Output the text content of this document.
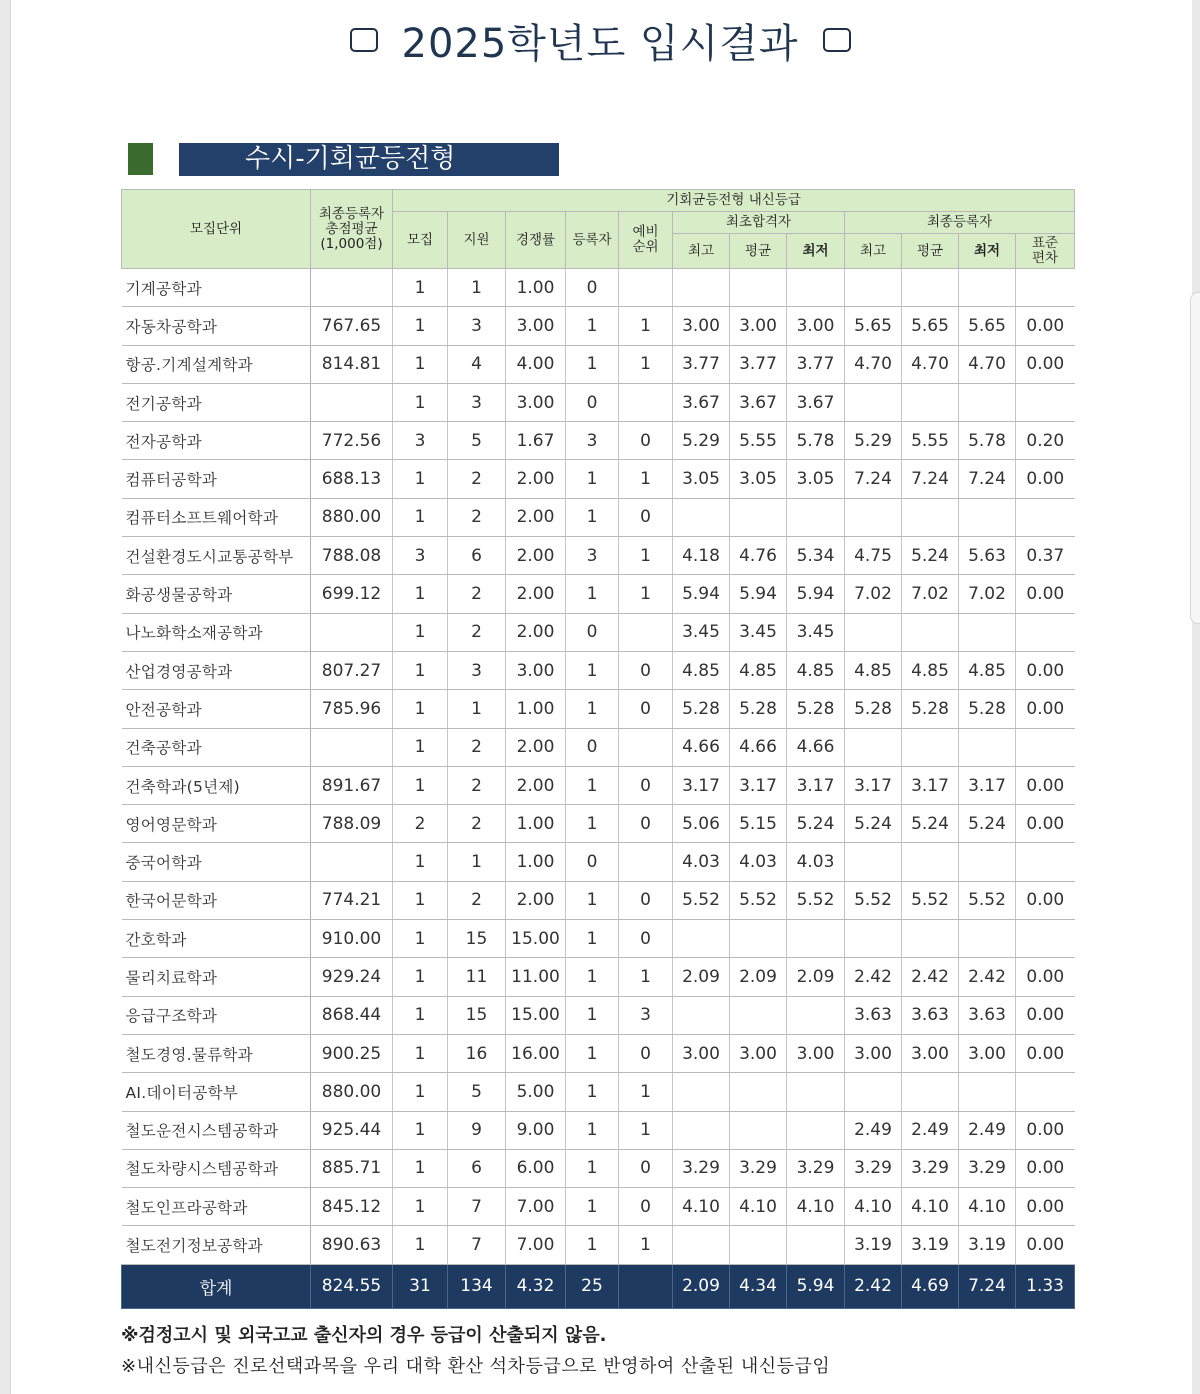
2025학년도 입시결과
수시-기회균등전형
모집단위	최종등록자
총점평균
(1,000점)	기회균등전형 내신등급											
		모집	지원	경쟁률	등록자	예비
순위	최초합격자			최종등록자			
							최고	평균	최저	최고	평균	최저	표준
편차

기계공학과		1	1	1.00	0								
자동차공학과	767.65	1	3	3.00	1	1	3.00	3.00	3.00	5.65	5.65	5.65	0.00
항공.기계설계학과	814.81	1	4	4.00	1	1	3.77	3.77	3.77	4.70	4.70	4.70	0.00
전기공학과		1	3	3.00	0		3.67	3.67	3.67				
전자공학과	772.56	3	5	1.67	3	0	5.29	5.55	5.78	5.29	5.55	5.78	0.20
컴퓨터공학과	688.13	1	2	2.00	1	1	3.05	3.05	3.05	7.24	7.24	7.24	0.00
컴퓨터소프트웨어학과	880.00	1	2	2.00	1	0							
건설환경도시교통공학부	788.08	3	6	2.00	3	1	4.18	4.76	5.34	4.75	5.24	5.63	0.37
화공생물공학과	699.12	1	2	2.00	1	1	5.94	5.94	5.94	7.02	7.02	7.02	0.00
나노화학소재공학과		1	2	2.00	0		3.45	3.45	3.45				
산업경영공학과	807.27	1	3	3.00	1	0	4.85	4.85	4.85	4.85	4.85	4.85	0.00
안전공학과	785.96	1	1	1.00	1	0	5.28	5.28	5.28	5.28	5.28	5.28	0.00
건축공학과		1	2	2.00	0		4.66	4.66	4.66				
건축학과(5년제)	891.67	1	2	2.00	1	0	3.17	3.17	3.17	3.17	3.17	3.17	0.00
영어영문학과	788.09	2	2	1.00	1	0	5.06	5.15	5.24	5.24	5.24	5.24	0.00
중국어학과		1	1	1.00	0		4.03	4.03	4.03				
한국어문학과	774.21	1	2	2.00	1	0	5.52	5.52	5.52	5.52	5.52	5.52	0.00
간호학과	910.00	1	15	15.00	1	0							
물리치료학과	929.24	1	11	11.00	1	1	2.09	2.09	2.09	2.42	2.42	2.42	0.00
응급구조학과	868.44	1	15	15.00	1	3				3.63	3.63	3.63	0.00
철도경영.물류학과	900.25	1	16	16.00	1	0	3.00	3.00	3.00	3.00	3.00	3.00	0.00
AI.데이터공학부	880.00	1	5	5.00	1	1							
철도운전시스템공학과	925.44	1	9	9.00	1	1				2.49	2.49	2.49	0.00
철도차량시스템공학과	885.71	1	6	6.00	1	0	3.29	3.29	3.29	3.29	3.29	3.29	0.00
철도인프라공학과	845.12	1	7	7.00	1	0	4.10	4.10	4.10	4.10	4.10	4.10	0.00
철도전기정보공학과	890.63	1	7	7.00	1	1				3.19	3.19	3.19	0.00
합계	824.55	31	134	4.32	25		2.09	4.34	5.94	2.42	4.69	7.24	1.33
※검정고시 및 외국고교 출신자의 경우 등급이 산출되지 않음.
※내신등급은 진로선택과목을 우리 대학 환산 석차등급으로 반영하여 산출된 내신등급임
